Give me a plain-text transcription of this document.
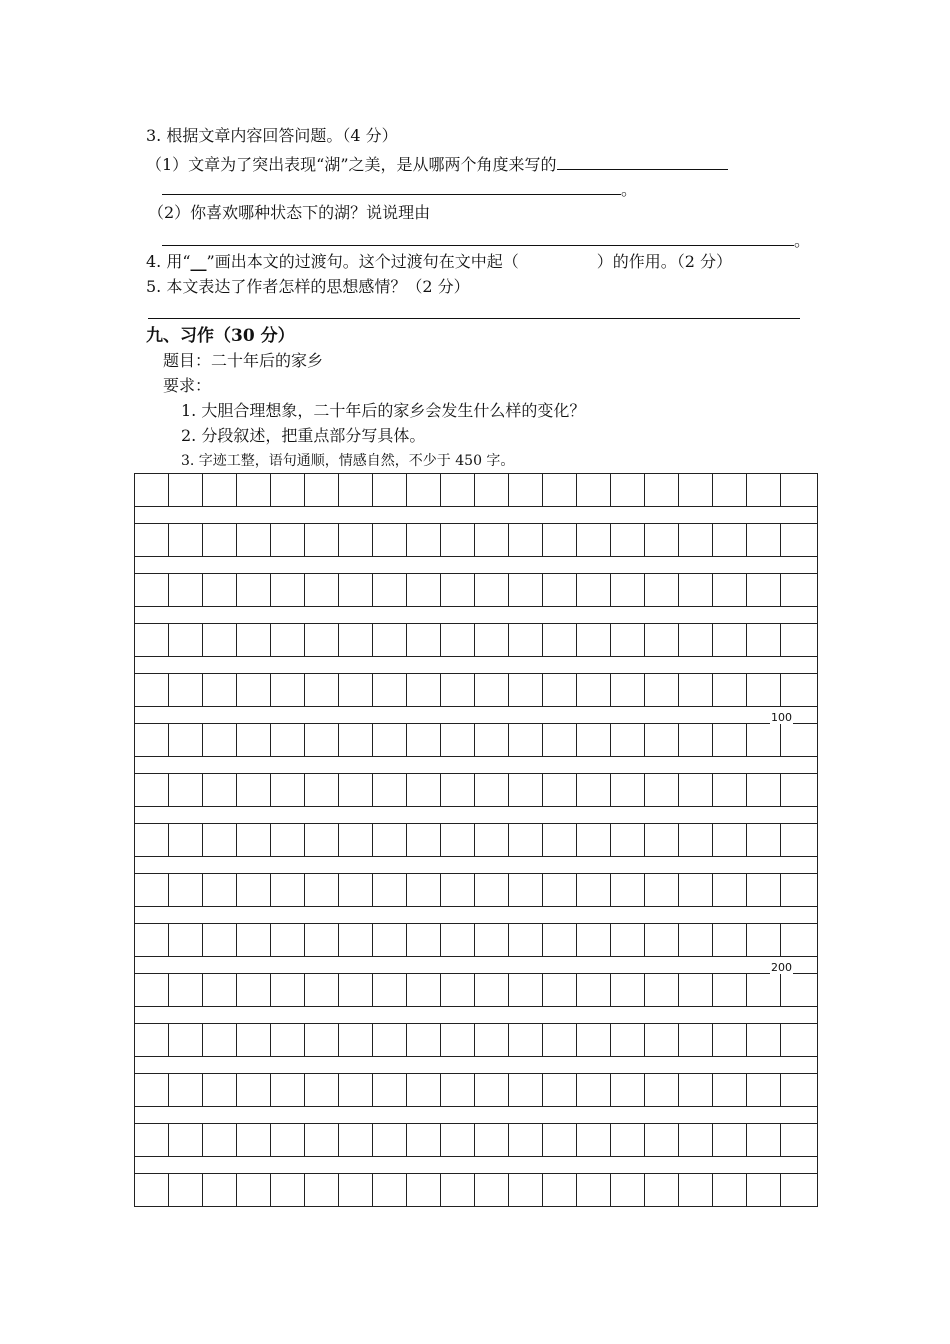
3. 根据文章内容回答问题。（4 分）
（1）文章为了突出表现“湖”之美，是从哪两个角度来写的
。
（2）你喜欢哪种状态下的湖？说说理由
。
4. 用“__”画出本文的过渡句。这个过渡句在文中起（	）的作用。（2 分）
5. 本文表达了作者怎样的思想感情？（2 分）
九、习作（30 分）
题目：二十年后的家乡
要求：
1. 大胆合理想象，二十年后的家乡会发生什么样的变化？
2. 分段叙述，把重点部分写具体。
3. 字迹工整，语句通顺，情感自然，不少于 450 字。
100
200
